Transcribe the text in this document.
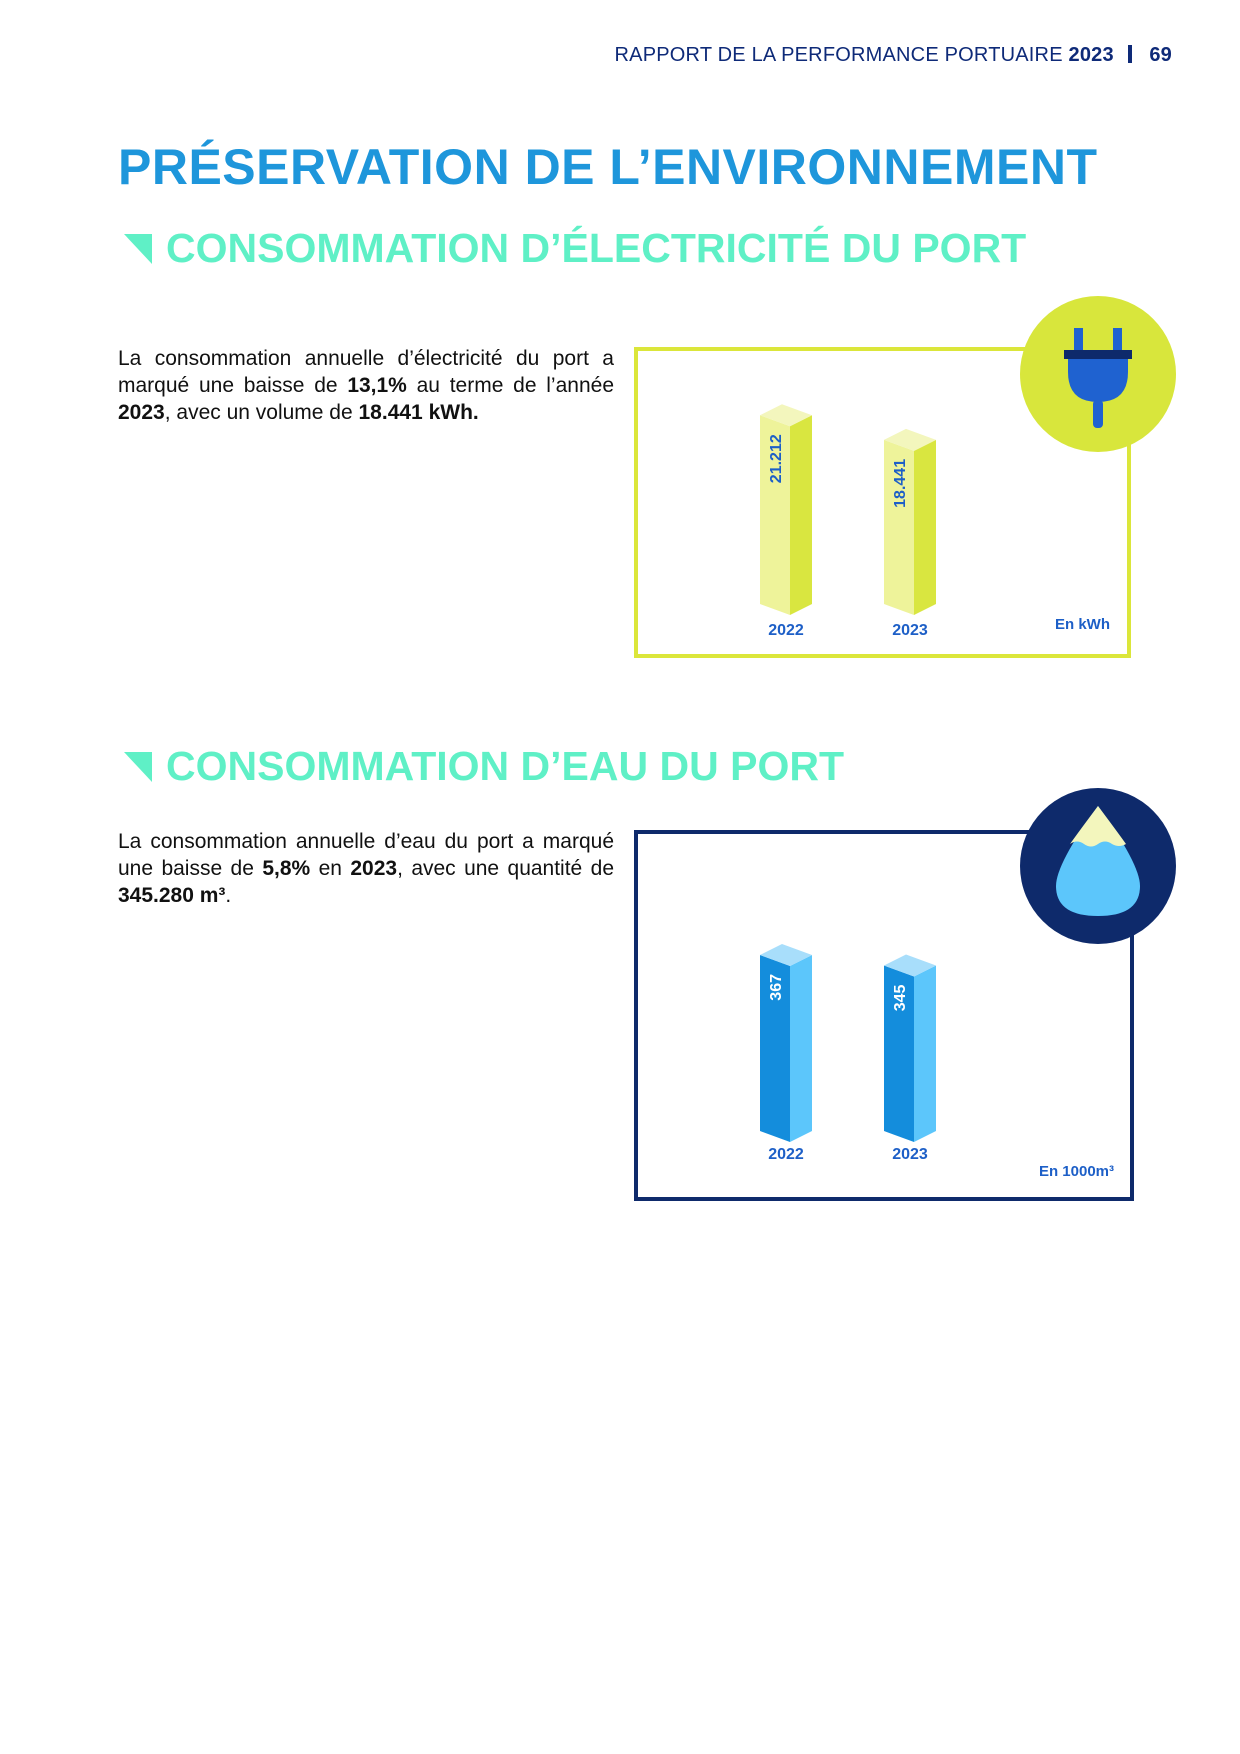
RAPPORT DE LA PERFORMANCE PORTUAIRE 2023 69
PRÉSERVATION DE L’ENVIRONNEMENT
CONSOMMATION D’ÉLECTRICITÉ DU PORT

La consommation annuelle d’électricité du port a marqué une baisse de 13,1% au terme de l’année 2023, avec un volume de 18.441 kWh.

21.212
2022
18.441
2023	En kWh
CONSOMMATION D’EAU DU PORT

La consommation annuelle d’eau du port a marqué une baisse de 5,8% en 2023, avec une quantité de 345.280 m³.

367
2022
345
2023
En 1000m³
